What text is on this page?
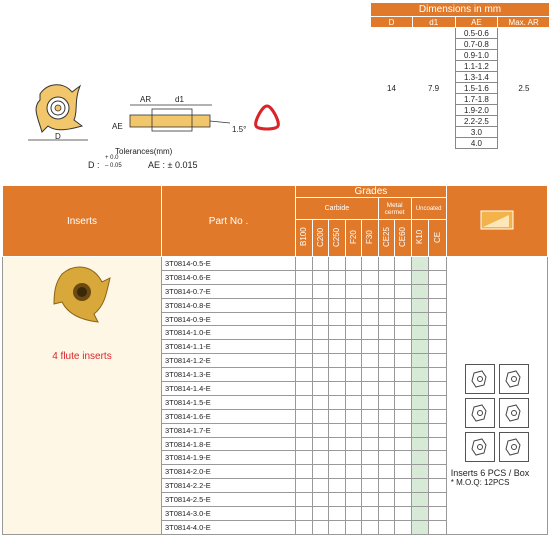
D
AR	d1
AE	1.5°
Tolerances(mm)
D :
+ 0.0
– 0.05	AE : ± 0.015
Dimensions in mm			
D	d1	AE	Max. AR
14	7.9	0.5-0.6	2.5
		0.7-0.8	
		0.9-1.0	
		1.1-1.2	
		1.3-1.4	
		1.5-1.6	
		1.7-1.8	
		1.9-2.0	
		2.2-2.5	
		3.0	
		4.0	
Inserts	Part No .	Grades	
		Carbide					Metal cermet		Uncoated		
		B100	C200	C250	F20	F30	CE25	CE60	K10	CE	

4 flute inserts	3T0814-0.5-E										Inserts 6 PCS / Box
* M.O.Q: 12PCS

	3T0814-0.6-E										
	3T0814-0.7-E										
	3T0814-0.8-E										
	3T0814-0.9-E										
	3T0814-1.0-E										
	3T0814-1.1-E										
	3T0814-1.2-E										
	3T0814-1.3-E										
	3T0814-1.4-E										
	3T0814-1.5-E										
	3T0814-1.6-E										
	3T0814-1.7-E										
	3T0814-1.8-E										
	3T0814-1.9-E										
	3T0814-2.0-E										
	3T0814-2.2-E										
	3T0814-2.5-E										
	3T0814-3.0-E										
	3T0814-4.0-E										
